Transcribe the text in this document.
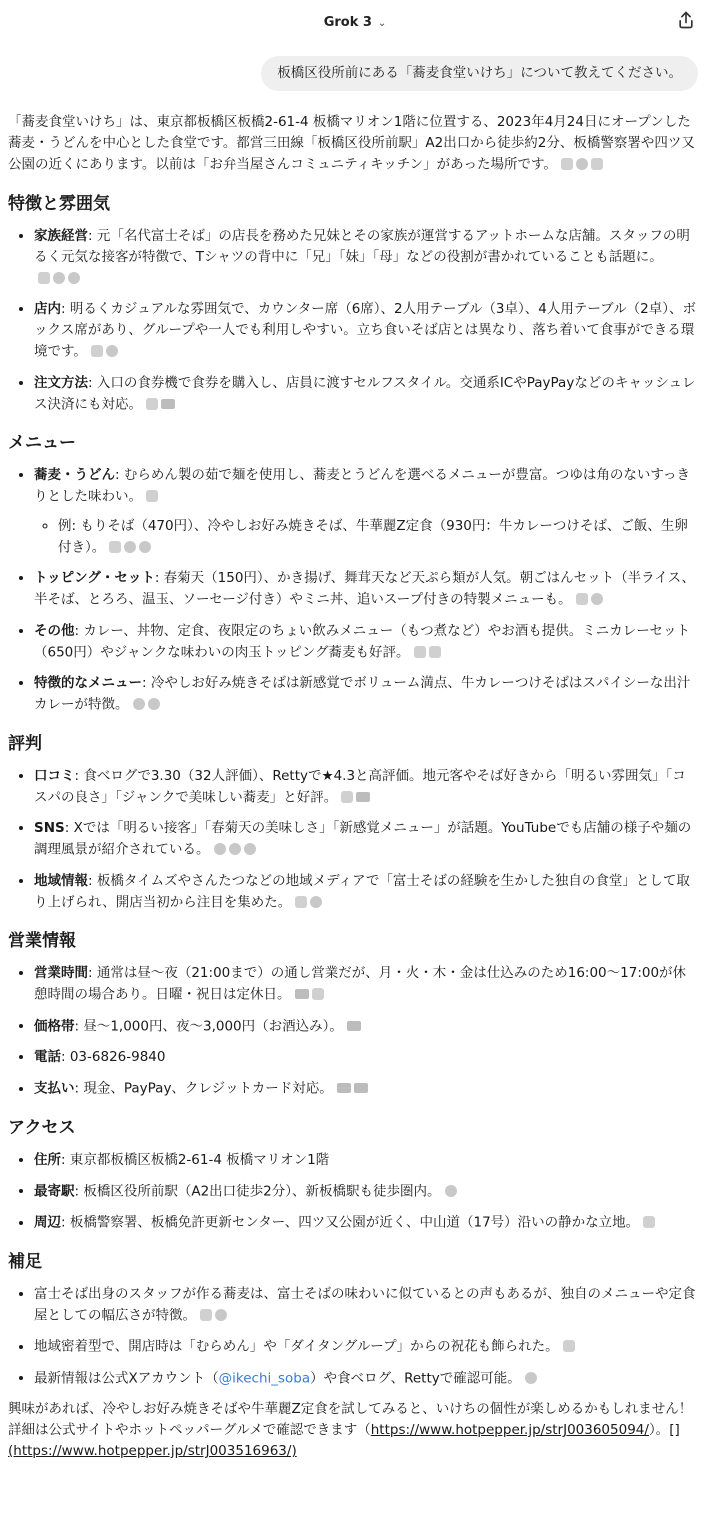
Grok 3 ⌄
板橋区役所前にある「蕎麦食堂いけち」について教えてください。

「蕎麦食堂いけち」は、東京都板橋区板橋2-61-4 板橋マリオン1階に位置する、2023年4月24日にオープンした蕎麦・うどんを中心とした食堂です。都営三田線「板橋区役所前駅」A2出口から徒歩約2分、板橋警察署や四ツ又公園の近くにあります。以前は「お弁当屋さんコミュニティキッチン」があった場所です。

特徴と雰囲気
• 家族経営: 元「名代富士そば」の店長を務めた兄妹とその家族が運営するアットホームな店舗。スタッフの明るく元気な接客が特徴で、Tシャツの背中に「兄」「妹」「母」などの役割が書かれていることも話題に。
• 店内: 明るくカジュアルな雰囲気で、カウンター席（6席）、2人用テーブル（3卓）、4人用テーブル（2卓）、ボックス席があり、グループや一人でも利用しやすい。立ち食いそば店とは異なり、落ち着いて食事ができる環境です。
• 注文方法: 入口の食券機で食券を購入し、店員に渡すセルフスタイル。交通系ICやPayPayなどのキャッシュレス決済にも対応。
メニュー
• 蕎麦・うどん: むらめん製の茹で麺を使用し、蕎麦とうどんを選べるメニューが豊富。つゆは角のないすっきりとした味わい。
◦ 例: もりそば（470円）、冷やしお好み焼きそば、牛華麗Z定食（930円：牛カレーつけそば、ご飯、生卵付き）。
• トッピング・セット: 春菊天（150円）、かき揚げ、舞茸天など天ぷら類が人気。朝ごはんセット（半ライス、半そば、とろろ、温玉、ソーセージ付き）やミニ丼、追いスープ付きの特製メニューも。
• その他: カレー、丼物、定食、夜限定のちょい飲みメニュー（もつ煮など）やお酒も提供。ミニカレーセット（650円）やジャンクな味わいの肉玉トッピング蕎麦も好評。
• 特徴的なメニュー: 冷やしお好み焼きそばは新感覚でボリューム満点、牛カレーつけそばはスパイシーな出汁カレーが特徴。
評判
• 口コミ: 食べログで3.30（32人評価）、Rettyで★4.3と高評価。地元客やそば好きから「明るい雰囲気」「コスパの良さ」「ジャンクで美味しい蕎麦」と好評。
• SNS: Xでは「明るい接客」「春菊天の美味しさ」「新感覚メニュー」が話題。YouTubeでも店舗の様子や麺の調理風景が紹介されている。
• 地域情報: 板橋タイムズやさんたつなどの地域メディアで「富士そばの経験を生かした独自の食堂」として取り上げられ、開店当初から注目を集めた。
営業情報
• 営業時間: 通常は昼〜夜（21:00まで）の通し営業だが、月・火・木・金は仕込みのため16:00〜17:00が休憩時間の場合あり。日曜・祝日は定休日。
• 価格帯: 昼〜1,000円、夜〜3,000円（お酒込み）。
• 電話: 03-6826-9840
• 支払い: 現金、PayPay、クレジットカード対応。
アクセス
• 住所: 東京都板橋区板橋2-61-4 板橋マリオン1階
• 最寄駅: 板橋区役所前駅（A2出口徒歩2分）、新板橋駅も徒歩圏内。
• 周辺: 板橋警察署、板橋免許更新センター、四ツ又公園が近く、中山道（17号）沿いの静かな立地。
補足
• 富士そば出身のスタッフが作る蕎麦は、富士そばの味わいに似ているとの声もあるが、独自のメニューや定食屋としての幅広さが特徴。
• 地域密着型で、開店時は「むらめん」や「ダイタングループ」からの祝花も飾られた。
• 最新情報は公式Xアカウント（@ikechi_soba）や食べログ、Rettyで確認可能。

興味があれば、冷やしお好み焼きそばや牛華麗Z定食を試してみると、いけちの個性が楽しめるかもしれません！詳細は公式サイトやホットペッパーグルメで確認できます（https://www.hotpepper.jp/strJ003605094/）。[]
(https://www.hotpepper.jp/strJ003516963/)
